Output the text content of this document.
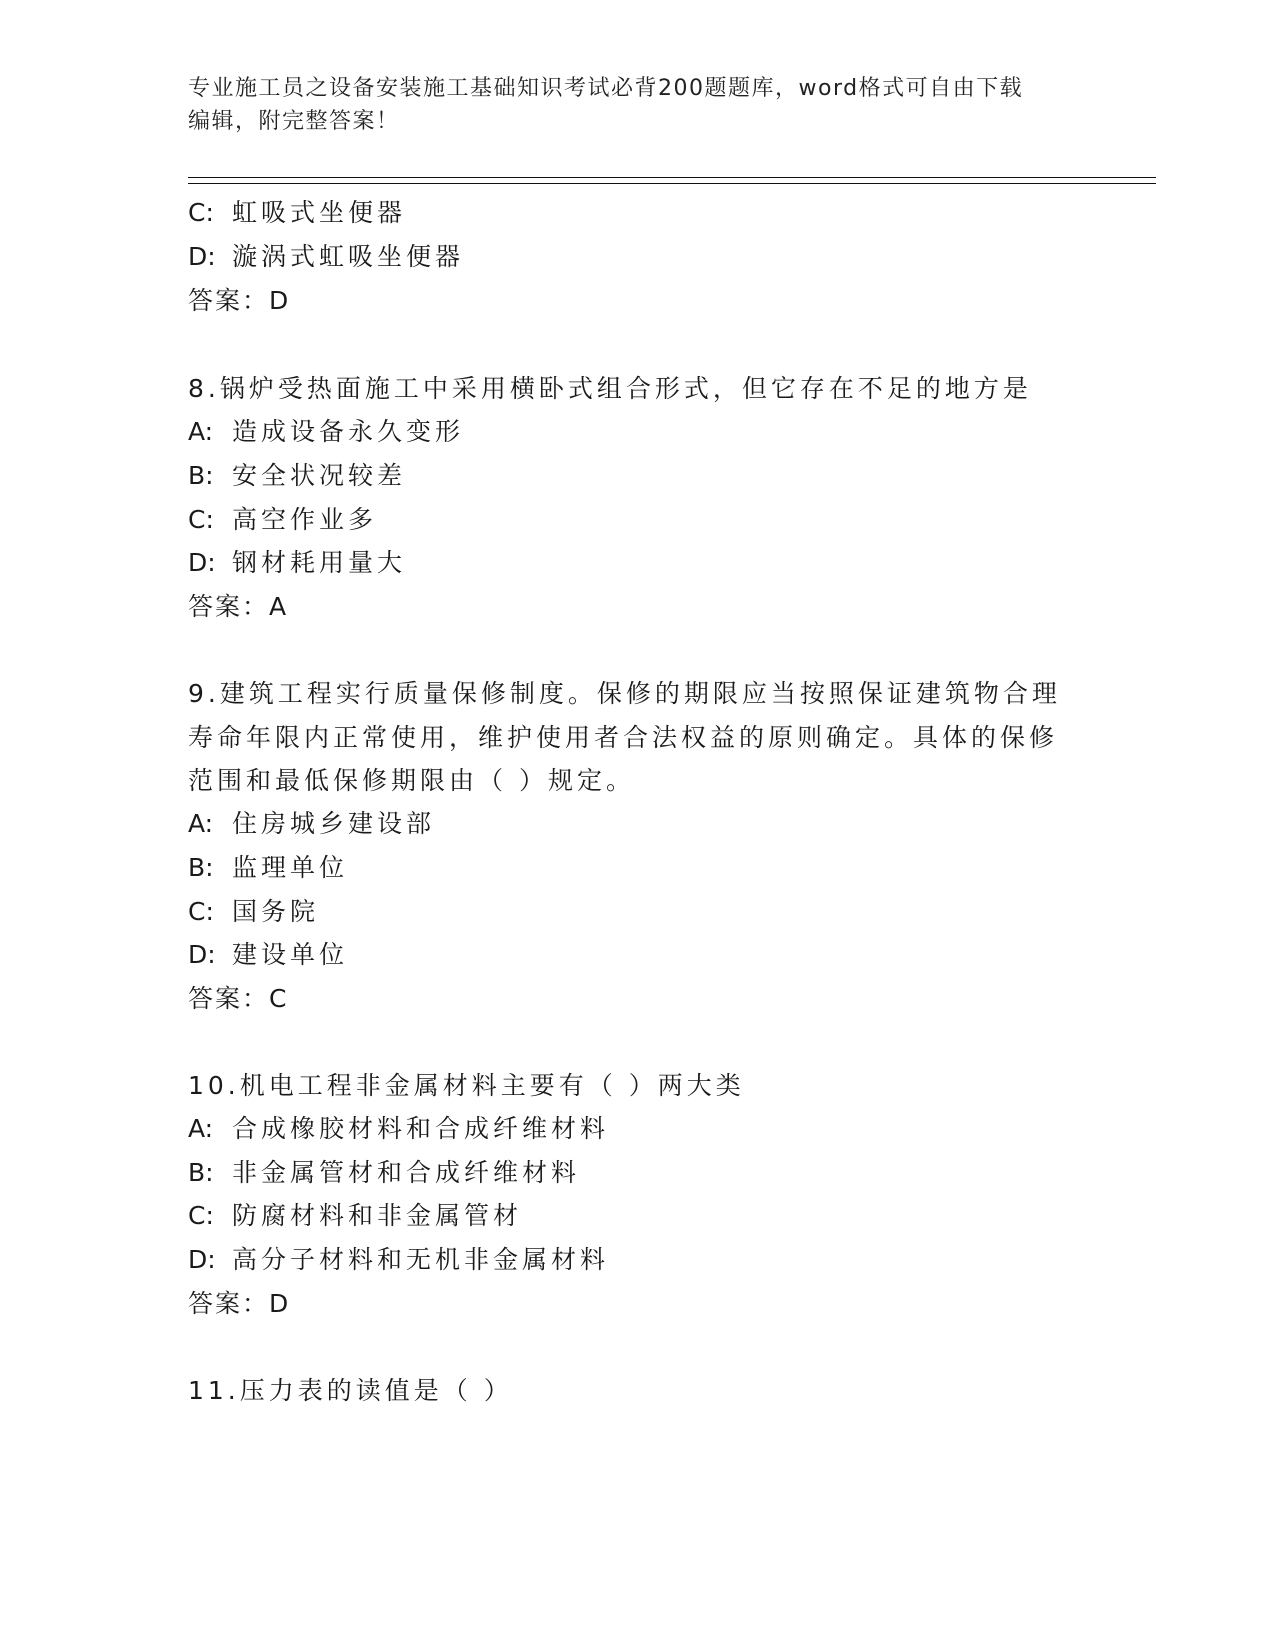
专业施工员之设备安装施工基础知识考试必背200题题库，word格式可自由下载
编辑，附完整答案！
C: 虹吸式坐便器
D: 漩涡式虹吸坐便器
答案：D
8.锅炉受热面施工中采用横卧式组合形式，但它存在不足的地方是
A: 造成设备永久变形
B: 安全状况较差
C: 高空作业多
D: 钢材耗用量大
答案：A
9.建筑工程实行质量保修制度。保修的期限应当按照保证建筑物合理
寿命年限内正常使用，维护使用者合法权益的原则确定。具体的保修
范围和最低保修期限由（ ）规定。
A: 住房城乡建设部
B: 监理单位
C: 国务院
D: 建设单位
答案：C
10.机电工程非金属材料主要有（ ）两大类
A: 合成橡胶材料和合成纤维材料
B: 非金属管材和合成纤维材料
C: 防腐材料和非金属管材
D: 高分子材料和无机非金属材料
答案：D
11.压力表的读值是（ ）
